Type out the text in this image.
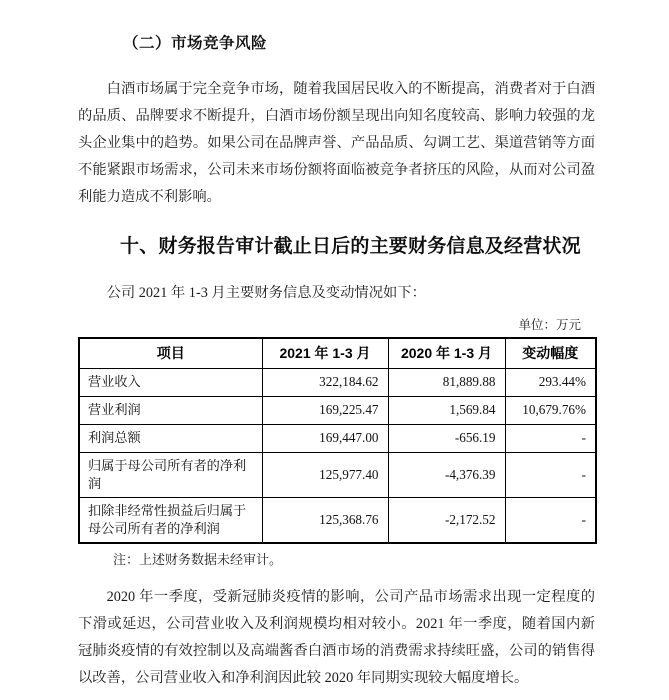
（二）市场竞争风险
白酒市场属于完全竞争市场，随着我国居民收入的不断提高，消费者对于白酒的品质、品牌要求不断提升，白酒市场份额呈现出向知名度较高、影响力较强的龙头企业集中的趋势。如果公司在品牌声誉、产品品质、勾调工艺、渠道营销等方面不能紧跟市场需求，公司未来市场份额将面临被竞争者挤压的风险，从而对公司盈利能力造成不利影响。
十、财务报告审计截止日后的主要财务信息及经营状况
公司 2021 年 1-3 月主要财务信息及变动情况如下：
单位：万元
项目	2021 年 1-3 月	2020 年 1-3 月	变动幅度
营业收入	322,184.62	81,889.88	293.44%
营业利润	169,225.47	1,569.84	10,679.76%
利润总额	169,447.00	-656.19	-
归属于母公司所有者的净利润	125,977.40	-4,376.39	-
扣除非经常性损益后归属于母公司所有者的净利润	125,368.76	-2,172.52	-
注：上述财务数据未经审计。
2020 年一季度，受新冠肺炎疫情的影响，公司产品市场需求出现一定程度的下滑或延迟，公司营业收入及利润规模均相对较小。2021 年一季度，随着国内新冠肺炎疫情的有效控制以及高端酱香白酒市场的消费需求持续旺盛，公司的销售得以改善，公司营业收入和净利润因此较 2020 年同期实现较大幅度增长。
